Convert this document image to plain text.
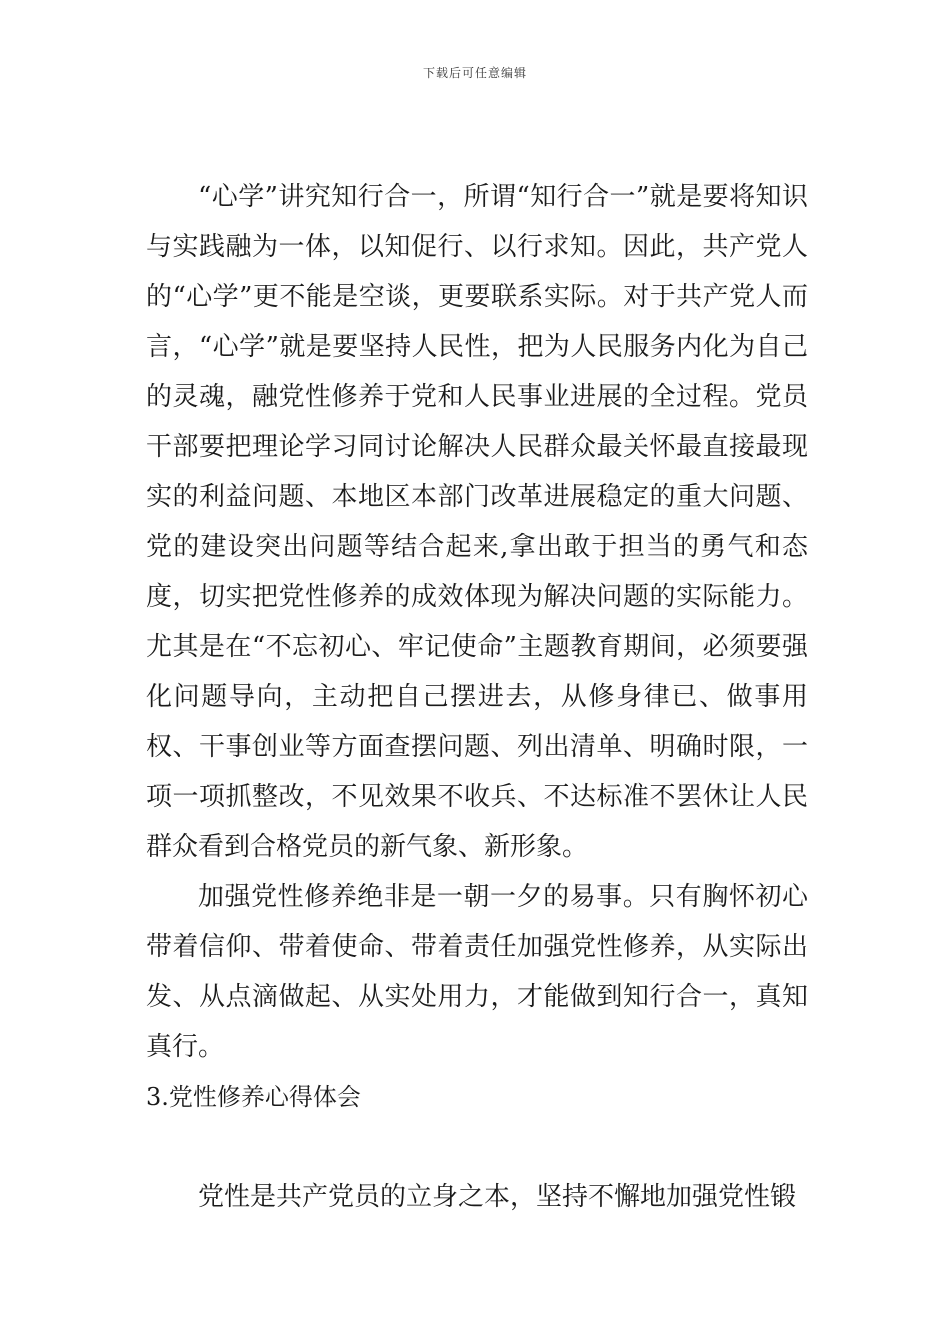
下载后可任意编辑

“心学”讲究知行合一，所谓“知行合一”就是要将知识与实践融为一体，以知促行、以行求知。因此，共产党人的“心学”更不能是空谈，更要联系实际。对于共产党人而言，“心学”就是要坚持人民性，把为人民服务内化为自己的灵魂，融党性修养于党和人民事业进展的全过程。党员干部要把理论学习同讨论解决人民群众最关怀最直接最现实的利益问题、本地区本部门改革进展稳定的重大问题、党的建设突出问题等结合起来,拿出敢于担当的勇气和态度，切实把党性修养的成效体现为解决问题的实际能力。尤其是在“不忘初心、牢记使命”主题教育期间，必须要强化问题导向，主动把自己摆进去，从修身律已、做事用权、干事创业等方面查摆问题、列出清单、明确时限，一项一项抓整改，不见效果不收兵、不达标准不罢休让人民群众看到合格党员的新气象、新形象。

加强党性修养绝非是一朝一夕的易事。只有胸怀初心带着信仰、带着使命、带着责任加强党性修养，从实际出发、从点滴做起、从实处用力，才能做到知行合一，真知真行。

3.党性修养心得体会

党性是共产党员的立身之本，坚持不懈地加强党性锻
